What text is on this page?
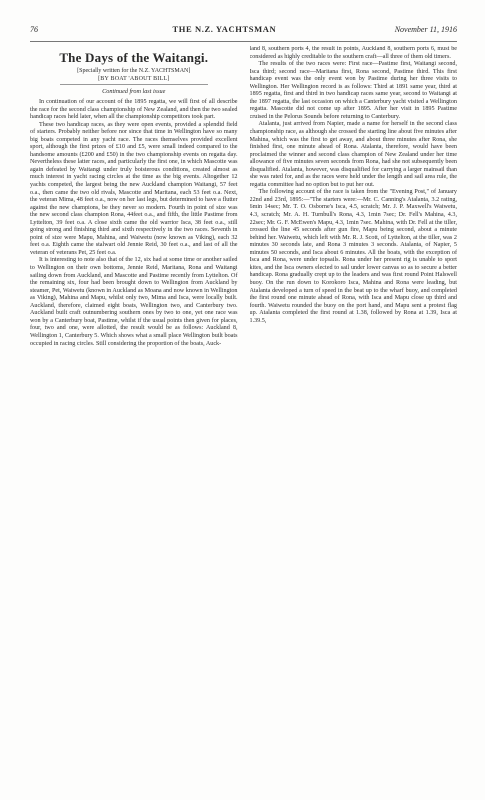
76	THE N.Z. YACHTSMAN	November 11, 1916
The Days of the Waitangi.
[Specially written for the N.Z. YACHTSMAN]
[BY BOAT 'ABOUT BILL]
Continued from last issue

In continuation of our account of the 1895 regatta, we will first of all describe the race for the second class championship of New Zealand, and then the two sealed handicap races held later, when all the championship competitors took part.

These two handicap races, as they were open events, provided a splendid field of starters. Probably neither before nor since that time in Wellington have so many big boats competed in any yacht race. The races themselves provided excellent sport, although the first prizes of £10 and £5, were small indeed compared to the handsome amounts (£200 and £50) in the two championship events on regatta day. Nevertheless these latter races, and particularly the first one, in which Mascotte was again defeated by Waitangi under truly boisterous conditions, created almost as much interest in yacht racing circles at the time as the big events. Altogether 12 yachts competed, the largest being the new Auckland champion Waitangi, 57 feet o.a., then came the two old rivals, Mascotte and Maritana, each 53 feet o.a. Next, the veteran Mima, 48 feet o.a., now on her last legs, but determined to have a flutter against the new champions, be they never so modern. Fourth in point of size was the new second class champion Rona, 44feet o.a., and fifth, the little Pastime from Lyttelton, 39 feet o.a. A close sixth came the old warrior Isca, 38 feet o.a., still going strong and finishing third and sixth respectively in the two races. Seventh in point of size were Mapu, Mahina, and Waiwetu (now known as Viking), each 32 feet o.a. Eighth came the stalwart old Jennie Reid, 30 feet o.a., and last of all the veteran of veterans Pet, 25 feet o.a.

It is interesting to note also that of the 12, six had at some time or another sailed to Wellington on their own bottoms, Jennie Reid, Maritana, Rona and Waitangi sailing down from Auckland, and Mascotte and Pastime recently from Lyttelton. Of the remaining six, four had been brought down to Wellington from Auckland by steamer, Pet, Waiwetu (known in Auckland as Moana and now known in Wellington as Viking), Mahina and Mapu, whilst only two, Mima and Isca, were locally built. Auckland, therefore, claimed eight boats, Wellington two, and Canterbury two. Auckland built craft outnumbering southern ones by two to one, yet one race was won by a Canterbury boat, Pastime, whilst if the usual points then given for places, four, two and one, were allotted, the result would be as follows: Auckland 8, Wellington 1, Canterbury 5. Which shows what a small place Wellington built boats occupied in racing circles. Still considering the proportion of the boats, Auck-

land 8, southern ports 4, the result in points, Auckland 8, southern ports 6, must be considered as highly creditable to the southern craft—all three of them old timers.

The results of the two races were: First race—Pastime first, Waitangi second, Isca third; second race—Maritana first, Rona second, Pastime third. This first handicap event was the only event won by Pastime during her three visits to Wellington. Her Wellington record is as follows: Third at 1891 same year, third at 1895 regatta, first and third in two handicap races same year, second to Waitangi at the 1897 regatta, the last occasion on which a Canterbury yacht visited a Wellington regatta. Mascotte did not come up after 1895. After her visit in 1895 Pastime cruised in the Pelorus Sounds before returning to Canterbury.

Atalanta, just arrived from Napier, made a name for herself in the second class championship race, as although she crossed the starting line about five minutes after Mahina, which was the first to get away, and about three minutes after Rona, she finished first, one minute ahead of Rona. Atalanta, therefore, would have been proclaimed the winner and second class champion of New Zealand under her time allowance of five minutes seven seconds from Rona, had she not subsequently been disqualified. Atalanta, however, was disqualified for carrying a larger mainsail than she was rated for, and as the races were held under the length and sail area rule, the regatta committee had no option but to put her out.

The following account of the race is taken from the "Evening Post," of January 22nd and 23rd, 1895:—"The starters were:—Mr. C. Canning's Atalanta, 3.2 rating, 6min 14sec; Mr. T. O. Osborne's Isca, 4.5, scratch; Mr. J. P. Maxwell's Waiwetu, 4.3, scratch; Mr. A. H. Turnbull's Rona, 4.3, 1min 7sec; Dr. Fell's Mahina, 4.3, 22sec; Mr. G. F. McEwen's Mapu, 4.3, 1min 7sec. Mahina, with Dr. Fell at the tiller, crossed the line 45 seconds after gun fire, Mapu being second, about a minute behind her. Waiwetu, which left with Mr. R. J. Scott, of Lyttelton, at the tiller, was 2 minutes 30 seconds late, and Rona 3 minutes 3 seconds. Atalanta, of Napier, 5 minutes 50 seconds, and Isca about 6 minutes. All the boats, with the exception of Isca and Rona, were under topsails. Rona under her present rig is unable to sport kites, and the Isca owners elected to sail under lower canvas so as to secure a better handicap. Rona gradually crept up to the leaders and was first round Point Halswell buoy. On the run down to Korokoro Isca, Mahina and Rona were leading, but Atalanta developed a turn of speed in the beat up to the wharf buoy, and completed the first round one minute ahead of Rona, with Isca and Mapu close up third and fourth. Waiwetu rounded the buoy on the port hand, and Mapu sent a protest flag up. Atalanta completed the first round at 1.38, followed by Rona at 1.39, Isca at 1.39.5,
